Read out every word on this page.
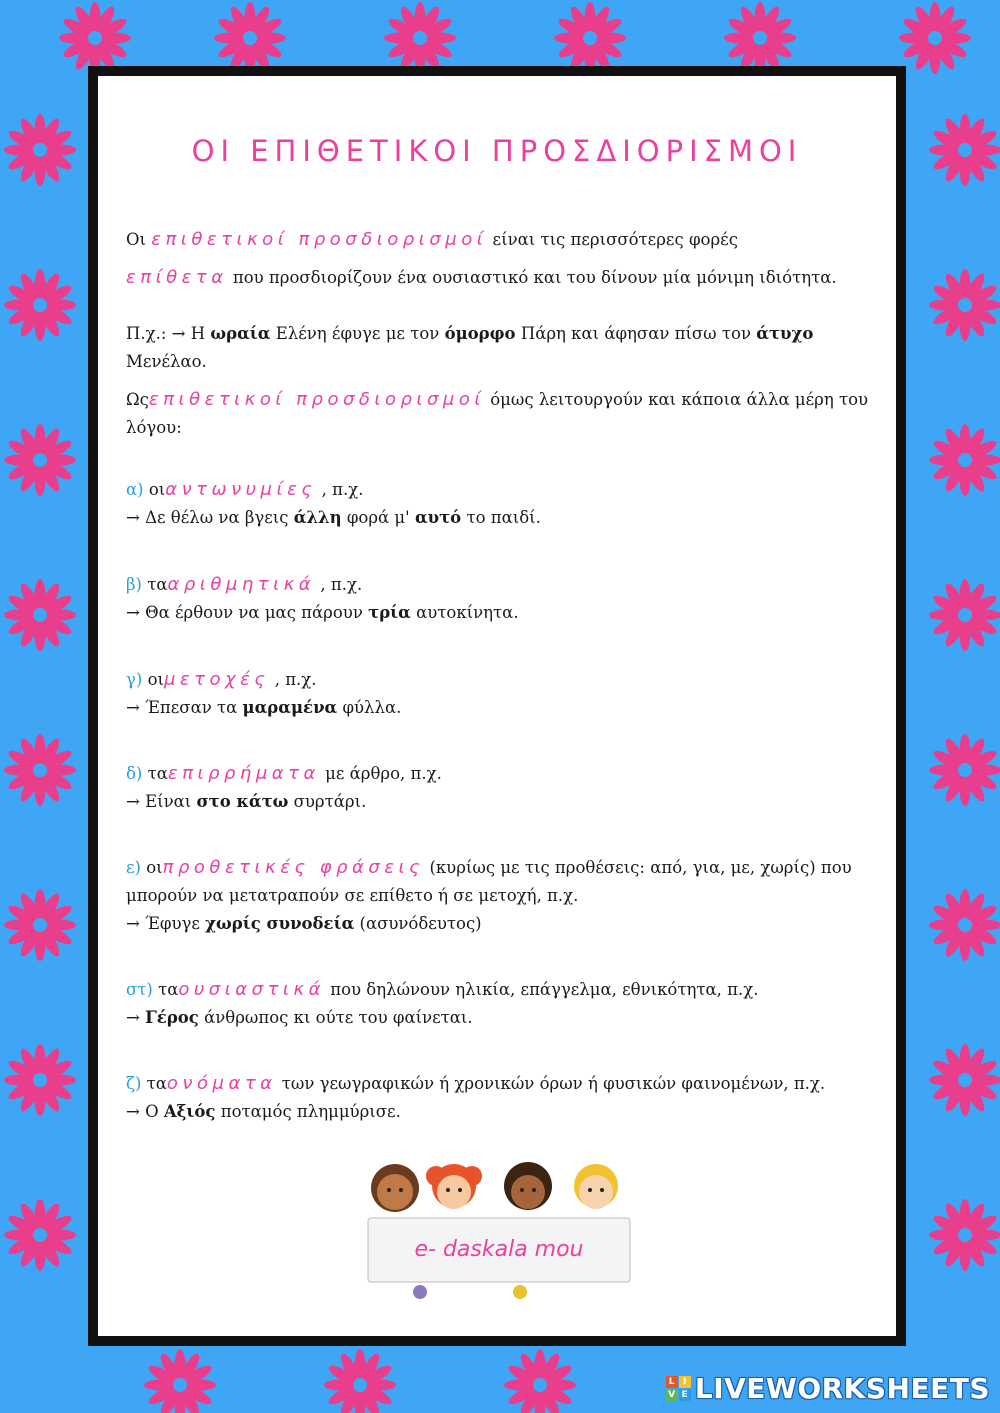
ΟΙ ΕΠΙΘΕΤΙΚΟΙ ΠΡΟΣΔΙΟΡΙΣΜΟΙ

Οι επιθετικοί προσδιορισμοί είναι τις περισσότερες φορές

επίθετα που προσδιορίζουν ένα ουσιαστικό και του δίνουν μία μόνιμη ιδιότητα.

Π.χ.: → Η ωραία Ελένη έφυγε με τον όμορφο Πάρη και άφησαν πίσω τον άτυχο
Μενέλαο.
Ωςεπιθετικοί προσδιορισμοί όμως λειτουργούν και κάποια άλλα μέρη του λόγου:
α) οιαντωνυμίες , π.χ.
→ Δε θέλω να βγεις άλλη φορά μ' αυτό το παιδί.
β) τααριθμητικά , π.χ.
→ Θα έρθουν να μας πάρουν τρία αυτοκίνητα.
γ) οιμετοχές , π.χ.
→ Έπεσαν τα μαραμένα φύλλα.
δ) ταεπιρρήματα με άρθρο, π.χ.
→ Είναι στο κάτω συρτάρι.
ε) οιπροθετικές φράσεις (κυρίως με τις προθέσεις: από, για, με, χωρίς) που μπορούν να μετατραπούν σε επίθετο ή σε μετοχή, π.χ.
→ Έφυγε χωρίς συνοδεία (ασυνόδευτος)
στ) ταουσιαστικά που δηλώνουν ηλικία, επάγγελμα, εθνικότητα, π.χ.
→ Γέρος άνθρωπος κι ούτε του φαίνεται.
ζ) ταονόματα των γεωγραφικών ή χρονικών όρων ή φυσικών φαινομένων, π.χ.
→ Ο Αξιός ποταμός πλημμύρισε.
e- daskala mou
L I
V E LIVEWORKSHEETS
